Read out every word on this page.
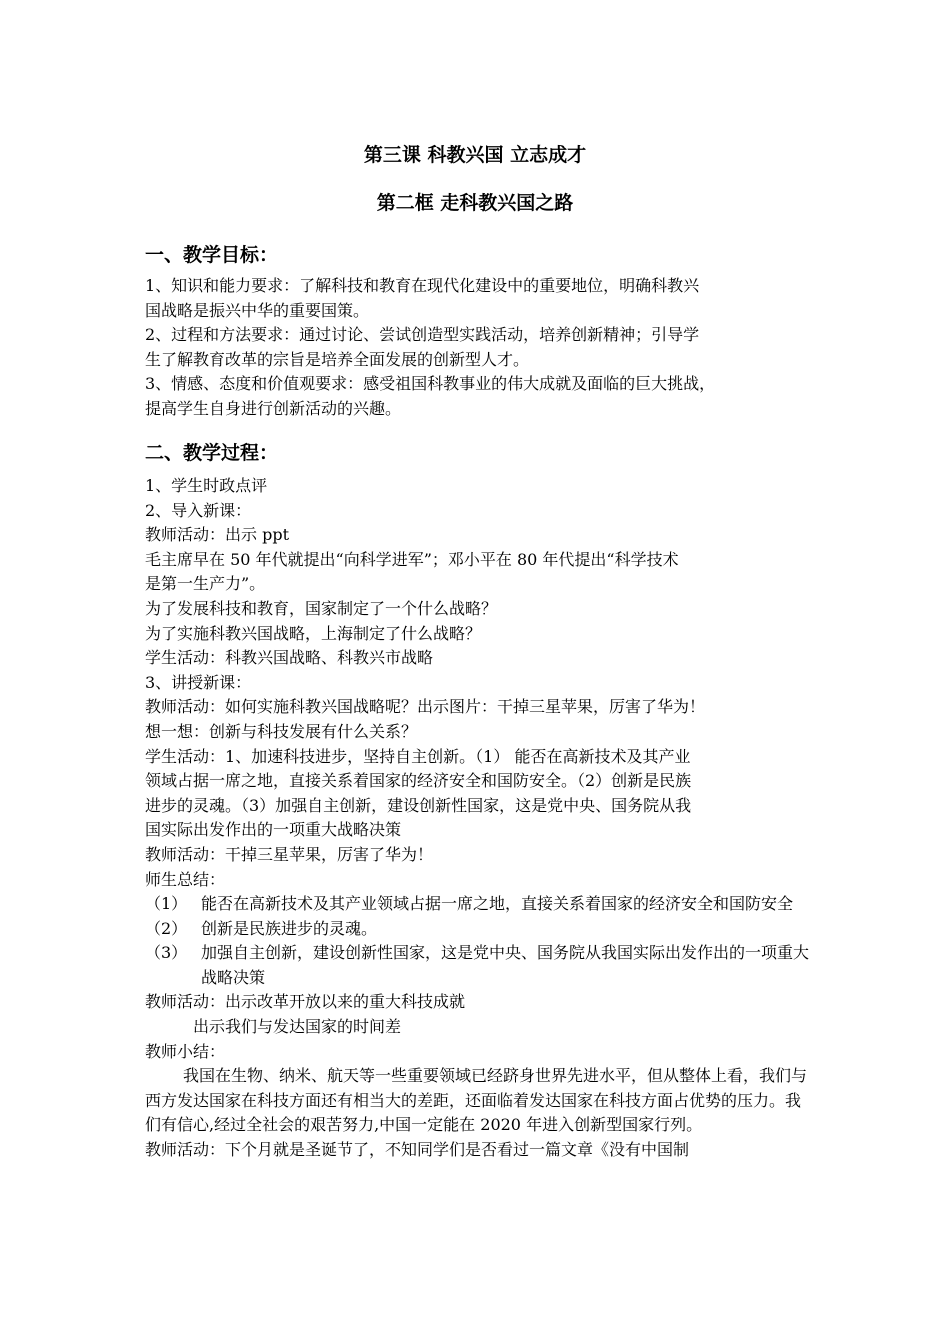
第三课 科教兴国 立志成才
第二框 走科教兴国之路
一、教学目标：
1、知识和能力要求：了解科技和教育在现代化建设中的重要地位，明确科教兴
国战略是振兴中华的重要国策。
2、过程和方法要求：通过讨论、尝试创造型实践活动，培养创新精神；引导学
生了解教育改革的宗旨是培养全面发展的创新型人才。
3、情感、态度和价值观要求：感受祖国科教事业的伟大成就及面临的巨大挑战，
提高学生自身进行创新活动的兴趣。
二、教学过程：
1、学生时政点评
2、导入新课：
教师活动：出示 ppt
毛主席早在 50 年代就提出“向科学进军”；邓小平在 80 年代提出“科学技术
是第一生产力”。
为了发展科技和教育，国家制定了一个什么战略？
为了实施科教兴国战略，上海制定了什么战略？
学生活动：科教兴国战略、科教兴市战略
3、讲授新课：
教师活动：如何实施科教兴国战略呢？出示图片：干掉三星苹果，厉害了华为！
想一想：创新与科技发展有什么关系？
学生活动：1、加速科技进步，坚持自主创新。（1） 能否在高新技术及其产业
领域占据一席之地，直接关系着国家的经济安全和国防安全。（2）创新是民族
进步的灵魂。（3）加强自主创新，建设创新性国家，这是党中央、国务院从我
国实际出发作出的一项重大战略决策
教师活动：干掉三星苹果，厉害了华为！
师生总结：
（1） 能否在高新技术及其产业领域占据一席之地，直接关系着国家的经济安全和国防安全
（2） 创新是民族进步的灵魂。
（3） 加强自主创新，建设创新性国家，这是党中央、国务院从我国实际出发作出的一项重大战略决策
教师活动：出示改革开放以来的重大科技成就
出示我们与发达国家的时间差
教师小结：
我国在生物、纳米、航天等一些重要领域已经跻身世界先进水平，但从整体上看，我们与西方发达国家在科技方面还有相当大的差距，还面临着发达国家在科技方面占优势的压力。我们有信心,经过全社会的艰苦努力,中国一定能在 2020 年进入创新型国家行列。
教师活动：下个月就是圣诞节了，不知同学们是否看过一篇文章《没有中国制
